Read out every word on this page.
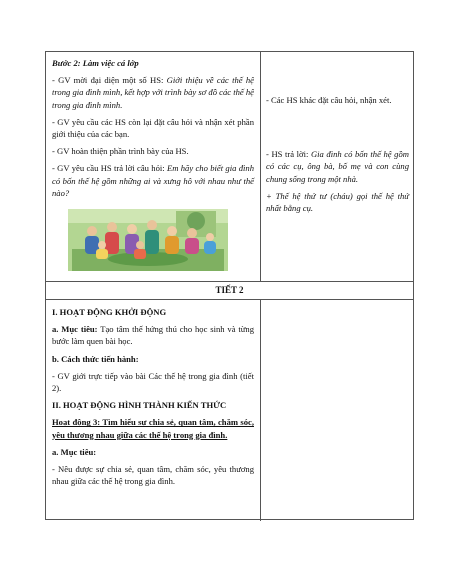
Bước 2: Làm việc cá lớp

- GV mời đại diện một số HS: Giới thiệu về các thế hệ trong gia đình mình, kết hợp với trình bày sơ đồ các thế hệ trong gia đình mình.

- GV yêu cầu các HS còn lại đặt câu hỏi và nhận xét phần giới thiệu của các bạn.

- GV hoàn thiện phần trình bày của HS.

- GV yêu cầu HS trả lời câu hỏi: Em hãy cho biết gia đình có bốn thế hệ gồm những ai và xưng hô với nhau như thế nào?

- Các HS khác đặt câu hỏi, nhận xét.

- HS trả lời: Gia đình có bốn thế hệ gồm có các cụ, ông bà, bố mẹ và con cùng chung sống trong một nhà.

+ Thế hệ thứ tư (cháu) gọi thế hệ thứ nhất bằng cụ.

TIẾT 2

I. HOẠT ĐỘNG KHỞI ĐỘNG

a. Mục tiêu: Tạo tâm thế hứng thú cho học sinh và từng bước làm quen bài học.

b. Cách thức tiến hành:

- GV giới trực tiếp vào bài Các thế hệ trong gia đình (tiết 2).

II. HOẠT ĐỘNG HÌNH THÀNH KIẾN THỨC

Hoạt động 3: Tìm hiểu sự chia sẻ, quan tâm, chăm sóc, yêu thương nhau giữa các thế hệ trong gia đình.

a. Mục tiêu:

- Nêu được sự chia sẻ, quan tâm, chăm sóc, yêu thương nhau giữa các thế hệ trong gia đình.
